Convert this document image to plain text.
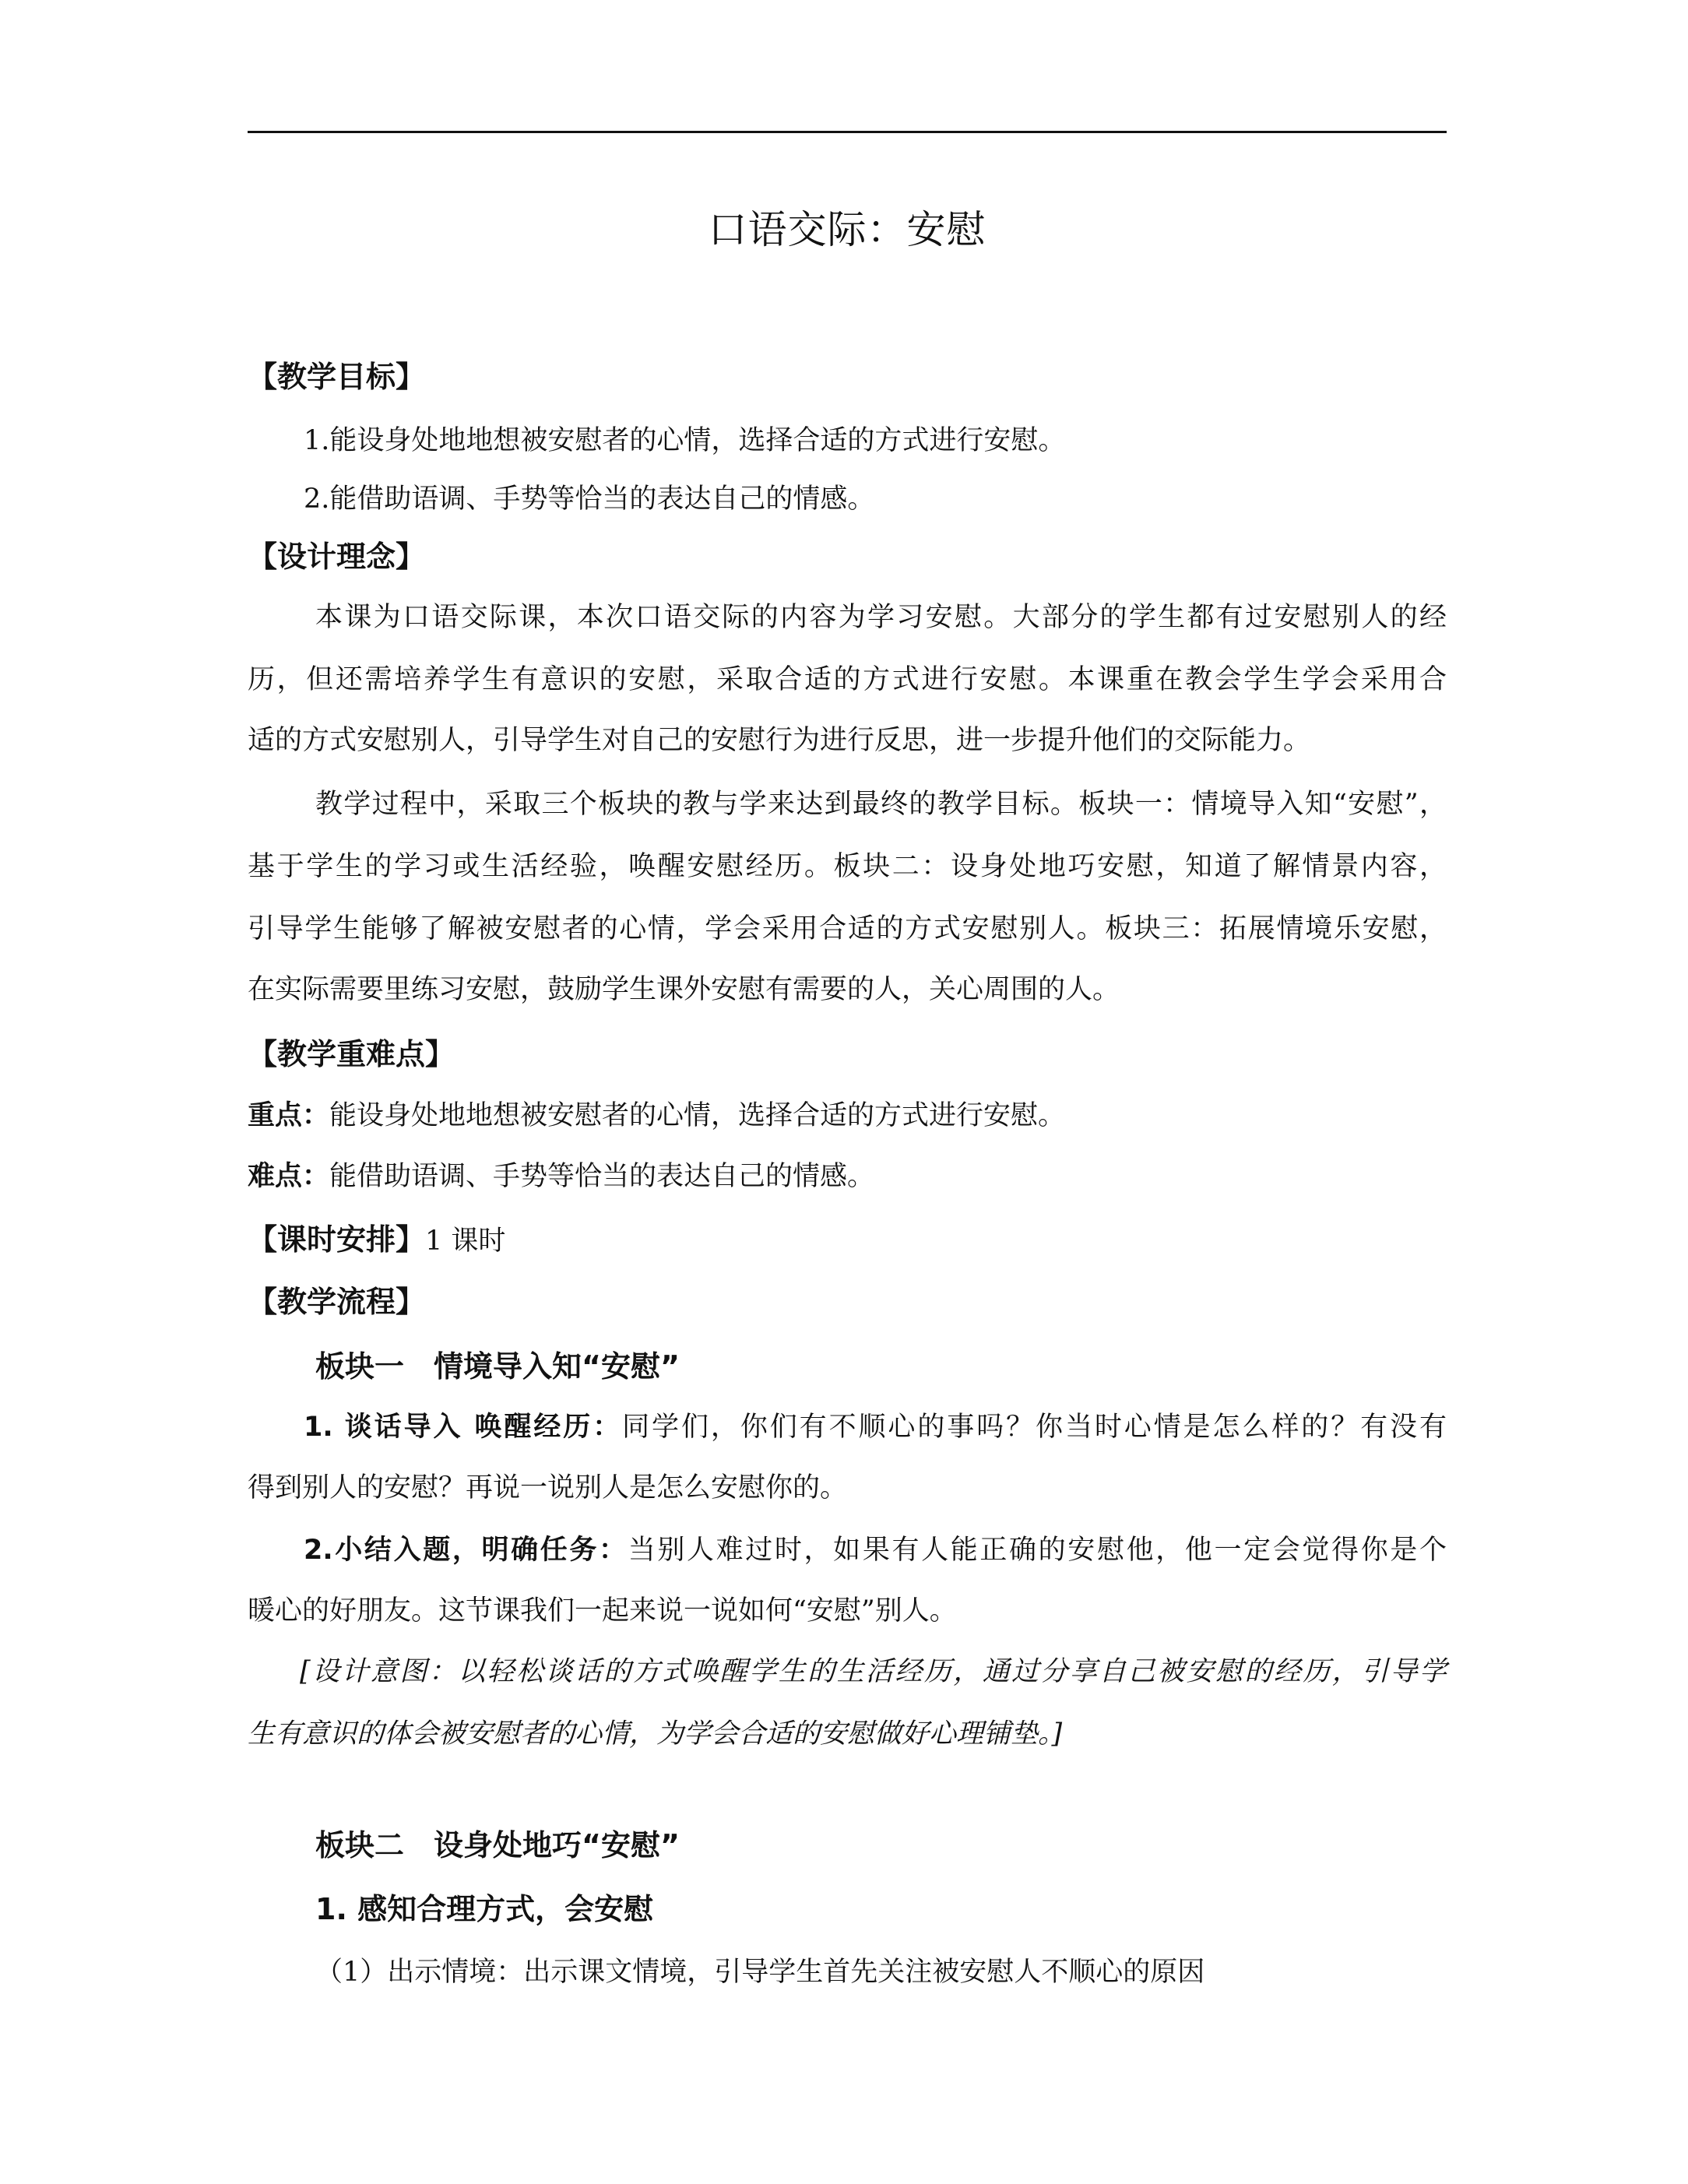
口语交际：安慰
【教学目标】
1.能设身处地地想被安慰者的心情，选择合适的方式进行安慰。
2.能借助语调、手势等恰当的表达自己的情感。
【设计理念】
本课为口语交际课，本次口语交际的内容为学习安慰。大部分的学生都有过安慰别人的经
历，但还需培养学生有意识的安慰，采取合适的方式进行安慰。本课重在教会学生学会采用合
适的方式安慰别人，引导学生对自己的安慰行为进行反思，进一步提升他们的交际能力。
教学过程中，采取三个板块的教与学来达到最终的教学目标。板块一：情境导入知“安慰”，
基于学生的学习或生活经验，唤醒安慰经历。板块二：设身处地巧安慰，知道了解情景内容，
引导学生能够了解被安慰者的心情，学会采用合适的方式安慰别人。板块三：拓展情境乐安慰，
在实际需要里练习安慰，鼓励学生课外安慰有需要的人，关心周围的人。
【教学重难点】
重点：能设身处地地想被安慰者的心情，选择合适的方式进行安慰。
难点：能借助语调、手势等恰当的表达自己的情感。
【课时安排】1 课时
【教学流程】
板块一　情境导入知“安慰”
1. 谈话导入 唤醒经历：同学们，你们有不顺心的事吗？你当时心情是怎么样的？有没有
得到别人的安慰？再说一说别人是怎么安慰你的。
2.小结入题，明确任务：当别人难过时，如果有人能正确的安慰他，他一定会觉得你是个
暖心的好朋友。这节课我们一起来说一说如何“安慰”别人。
[设计意图：以轻松谈话的方式唤醒学生的生活经历，通过分享自己被安慰的经历，引导学
生有意识的体会被安慰者的心情，为学会合适的安慰做好心理铺垫。]
板块二　设身处地巧“安慰”
1. 感知合理方式，会安慰
（1）出示情境：出示课文情境，引导学生首先关注被安慰人不顺心的原因
